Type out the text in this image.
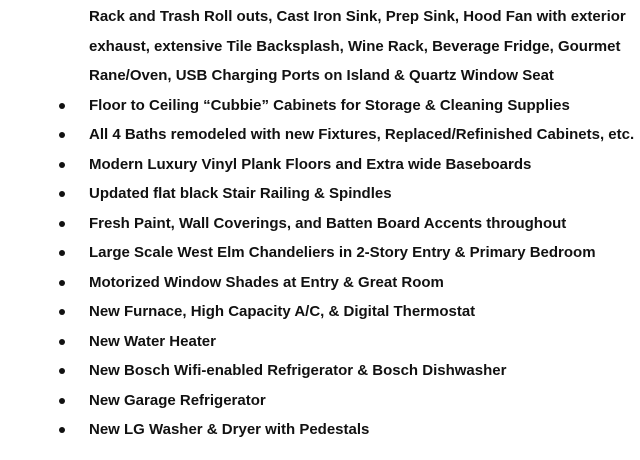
Rack and Trash Roll outs, Cast Iron Sink, Prep Sink, Hood Fan with exterior
exhaust, extensive Tile Backsplash, Wine Rack, Beverage Fridge, Gourmet
Rane/Oven, USB Charging Ports on Island & Quartz Window Seat
Floor to Ceiling “Cubbie” Cabinets for Storage & Cleaning Supplies
All 4 Baths remodeled with new Fixtures, Replaced/Refinished Cabinets, etc.
Modern Luxury Vinyl Plank Floors and Extra wide Baseboards
Updated flat black Stair Railing & Spindles
Fresh Paint, Wall Coverings, and Batten Board Accents throughout
Large Scale West Elm Chandeliers in 2-Story Entry & Primary Bedroom
Motorized Window Shades at Entry & Great Room
New Furnace, High Capacity A/C, & Digital Thermostat
New Water Heater
New Bosch Wifi-enabled Refrigerator & Bosch Dishwasher
New Garage Refrigerator
New LG Washer & Dryer with Pedestals
